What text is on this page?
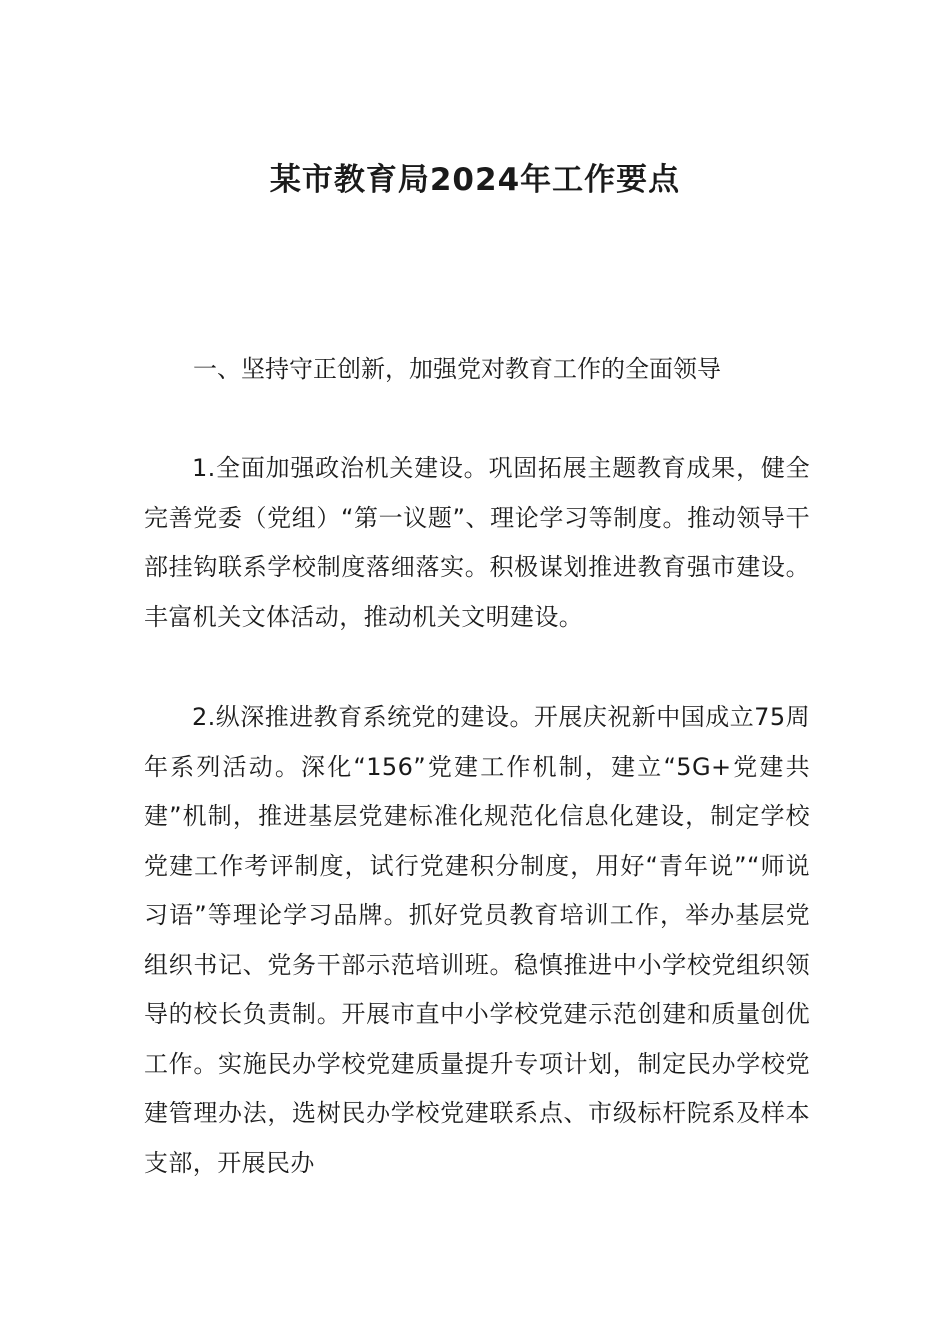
某市教育局2024年工作要点

一、坚持守正创新，加强党对教育工作的全面领导

1.全面加强政治机关建设。巩固拓展主题教育成果，健全完善党委（党组）“第一议题”、理论学习等制度。推动领导干部挂钩联系学校制度落细落实。积极谋划推进教育强市建设。丰富机关文体活动，推动机关文明建设。

2.纵深推进教育系统党的建设。开展庆祝新中国成立75周年系列活动。深化“156”党建工作机制，建立“5G+党建共建”机制，推进基层党建标准化规范化信息化建设，制定学校党建工作考评制度，试行党建积分制度，用好“青年说”“师说习语”等理论学习品牌。抓好党员教育培训工作，举办基层党组织书记、党务干部示范培训班。稳慎推进中小学校党组织领导的校长负责制。开展市直中小学校党建示范创建和质量创优工作。实施民办学校党建质量提升专项计划，制定民办学校党建管理办法，选树民办学校党建联系点、市级标杆院系及样本支部，开展民办
